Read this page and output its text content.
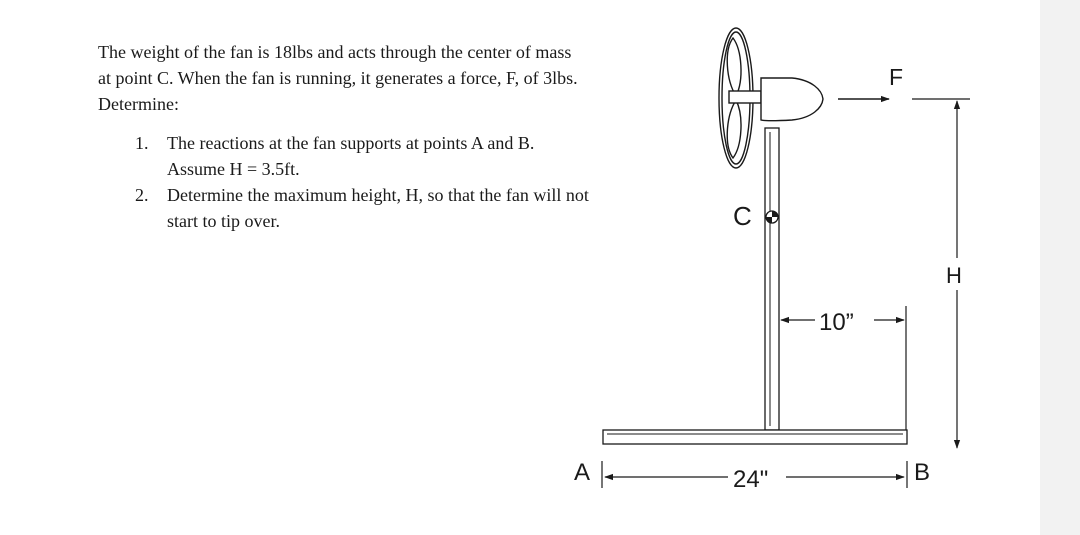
The weight of the fan is 18lbs and acts through the center of mass

at point C. When the fan is running, it generates a force, F, of 3lbs.

Determine:

1. The reactions at the fan supports at points A and B.
Assume H = 3.5ft.
2. Determine the maximum height, H, so that the fan will not
start to tip over.	C
F
H
10”
24"
A	B
